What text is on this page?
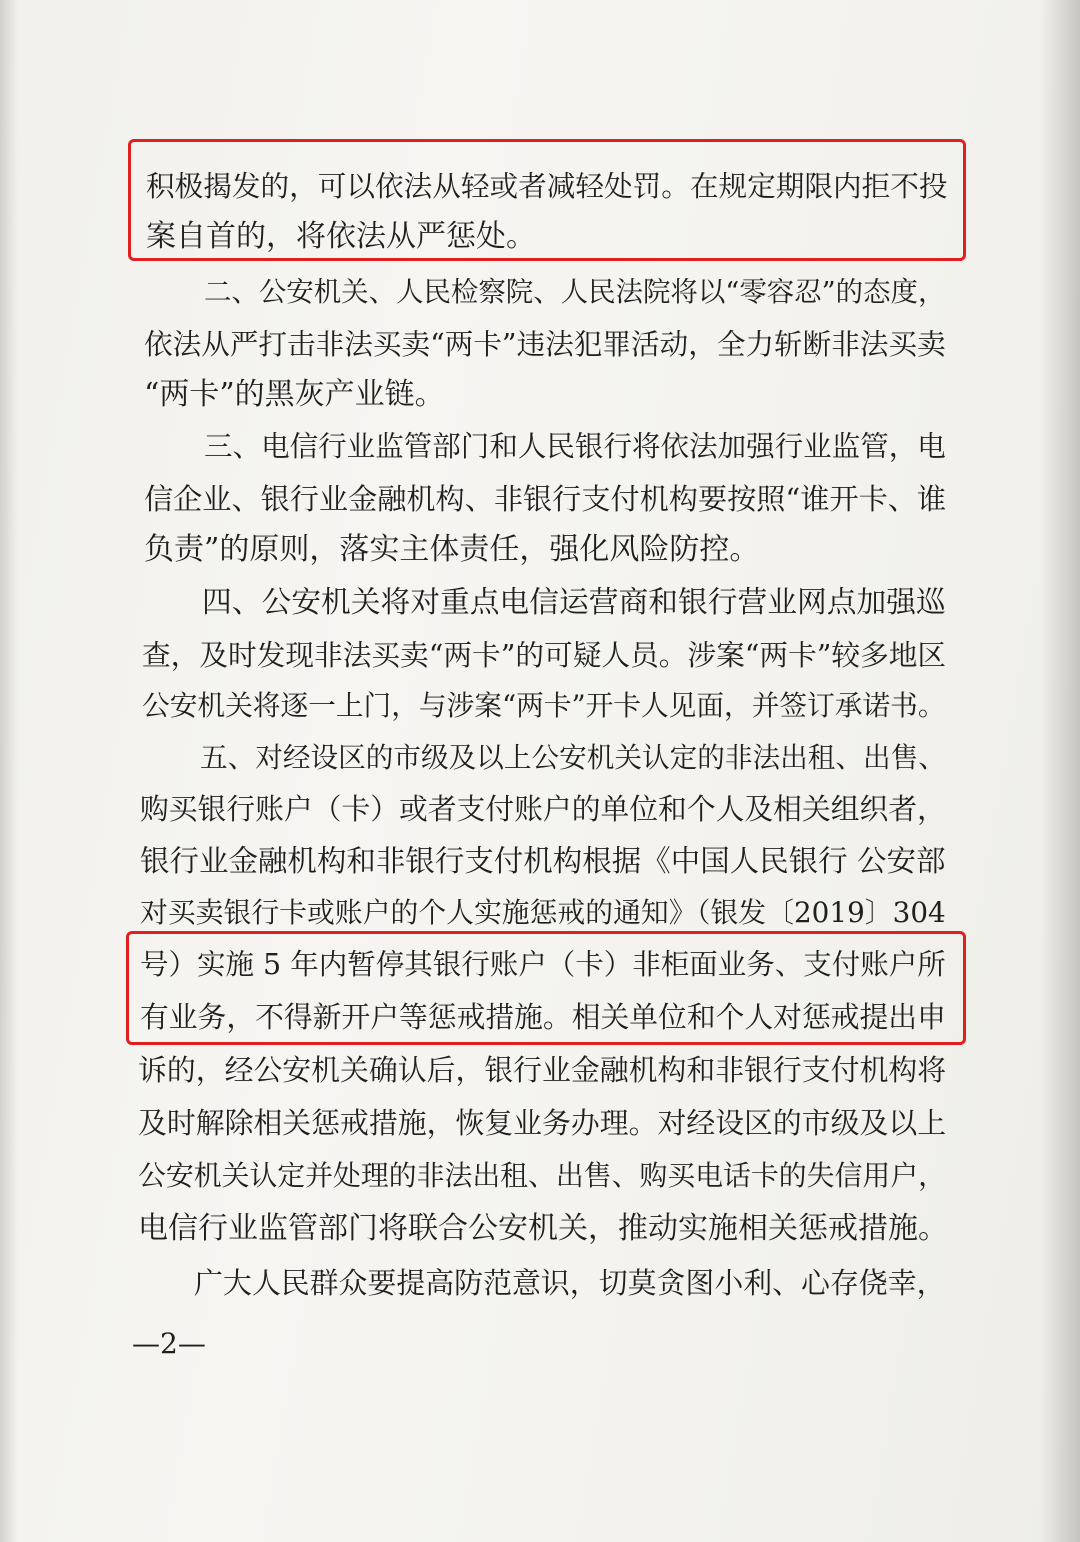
积极揭发的，可以依法从轻或者减轻处罚。在规定期限内拒不投
案自首的，将依法从严惩处。
二、公安机关、人民检察院、人民法院将以“零容忍”的态度，
依法从严打击非法买卖“两卡”违法犯罪活动，全力斩断非法买卖
“两卡”的黑灰产业链。
三、电信行业监管部门和人民银行将依法加强行业监管，电
信企业、银行业金融机构、非银行支付机构要按照“谁开卡、谁
负责”的原则，落实主体责任，强化风险防控。
四、公安机关将对重点电信运营商和银行营业网点加强巡
查，及时发现非法买卖“两卡”的可疑人员。涉案“两卡”较多地区
公安机关将逐一上门，与涉案“两卡”开卡人见面，并签订承诺书。
五、对经设区的市级及以上公安机关认定的非法出租、出售、
购买银行账户（卡）或者支付账户的单位和个人及相关组织者，
银行业金融机构和非银行支付机构根据《中国人民银行 公安部
对买卖银行卡或账户的个人实施惩戒的通知》（银发〔2019〕304
号）实施 5 年内暂停其银行账户（卡）非柜面业务、支付账户所
有业务，不得新开户等惩戒措施。相关单位和个人对惩戒提出申
诉的，经公安机关确认后，银行业金融机构和非银行支付机构将
及时解除相关惩戒措施，恢复业务办理。对经设区的市级及以上
公安机关认定并处理的非法出租、出售、购买电话卡的失信用户，
电信行业监管部门将联合公安机关，推动实施相关惩戒措施。
广大人民群众要提高防范意识，切莫贪图小利、心存侥幸，
—2—
